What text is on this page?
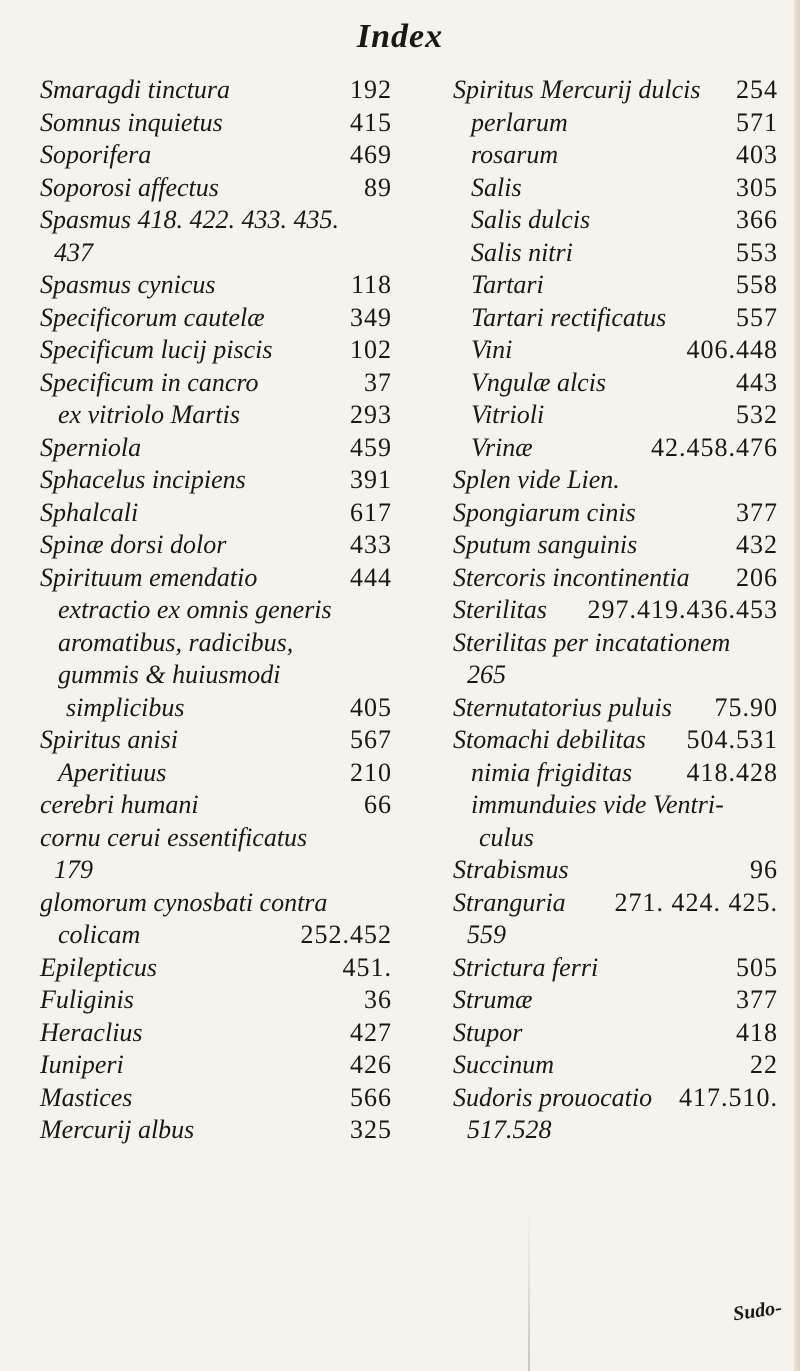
Index
Smaragdi tinctura	192
Somnus inquietus	415
Soporifera	469
Soporosi affectus	89
Spasmus 418. 422. 433. 435.
437
Spasmus cynicus	118
Specificorum cautelæ	349
Specificum lucij piscis	102
Specificum in cancro	37
ex vitriolo Martis	293
Sperniola	459
Sphacelus incipiens	391
Sphalcali	617
Spinæ dorsi dolor	433
Spirituum emendatio	444
extractio ex omnis generis
aromatibus, radicibus,
gummis & huiusmodi
simplicibus	405
Spiritus anisi	567
Aperitiuus	210
cerebri humani	66
cornu cerui essentificatus
179
glomorum cynosbati contra
colicam	252.452
Epilepticus	451.
Fuliginis	36
Heraclius	427
Iuniperi	426
Mastices	566
Mercurij albus	325
Spiritus Mercurij dulcis 254
perlarum	571
rosarum	403
Salis	305
Salis dulcis	366
Salis nitri	553
Tartari	558
Tartari rectificatus	557
Vini	406.448
Vngulæ alcis	443
Vitrioli	532
Vrinæ	42.458.476
Splen vide Lien.
Spongiarum cinis	377
Sputum sanguinis	432
Stercoris incontinentia 206
Sterilitas 297.419.436.453
Sterilitas per incatationem
265
Sternutatorius puluis 75.90
Stomachi debilitas 504.531
nimia frigiditas 418.428
immunduies vide Ventri-
culus
Strabismus	96
Stranguria 271. 424. 425.
559
Strictura ferri	505
Strumæ	377
Stupor	418
Succinum	22
Sudoris prouocatio 417.510.
517.528
Sudo-
